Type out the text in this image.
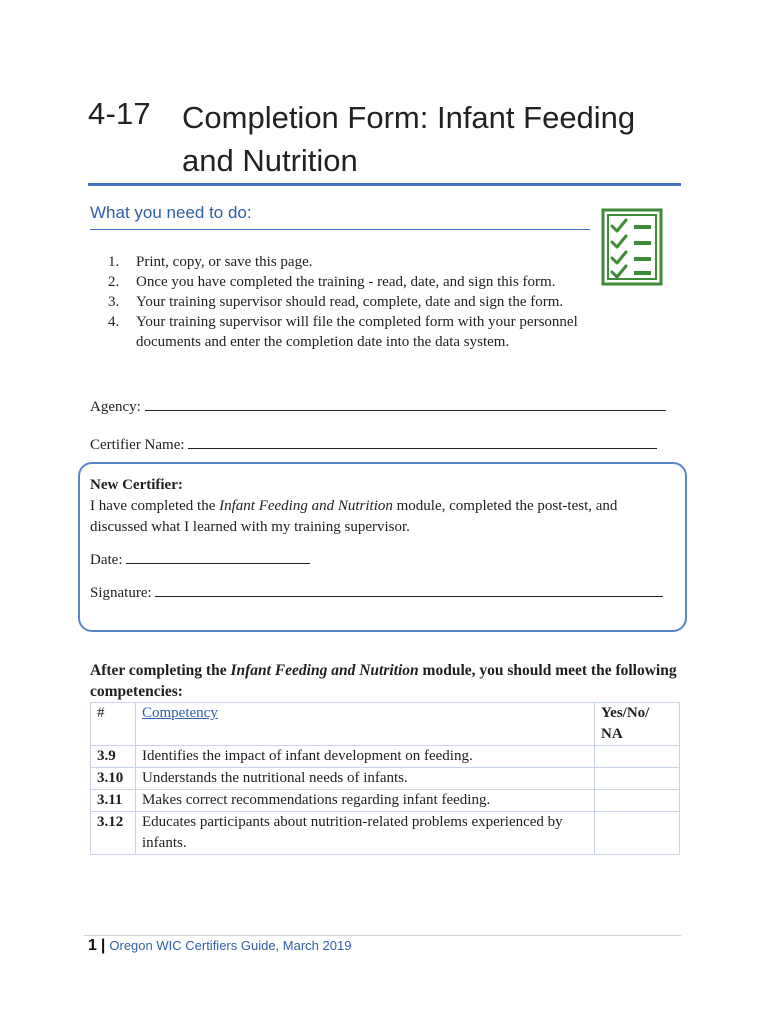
4-17 Completion Form: Infant Feeding and Nutrition
What you need to do:
1. Print, copy, or save this page.
2. Once you have completed the training - read, date, and sign this form.
3. Your training supervisor should read, complete, date and sign the form.
4. Your training supervisor will file the completed form with your personnel documents and enter the completion date into the data system.
Agency:
Certifier Name:
New Certifier:
I have completed the Infant Feeding and Nutrition module, completed the post-test, and discussed what I learned with my training supervisor.
Date:
Signature:
After completing the Infant Feeding and Nutrition module, you should meet the following competencies:
#	Competency	Yes/No/ NA
3.9	Identifies the impact of infant development on feeding.	
3.10	Understands the nutritional needs of infants.	
3.11	Makes correct recommendations regarding infant feeding.	
3.12	Educates participants about nutrition-related problems experienced by infants.	
1 | Oregon WIC Certifiers Guide, March 2019
